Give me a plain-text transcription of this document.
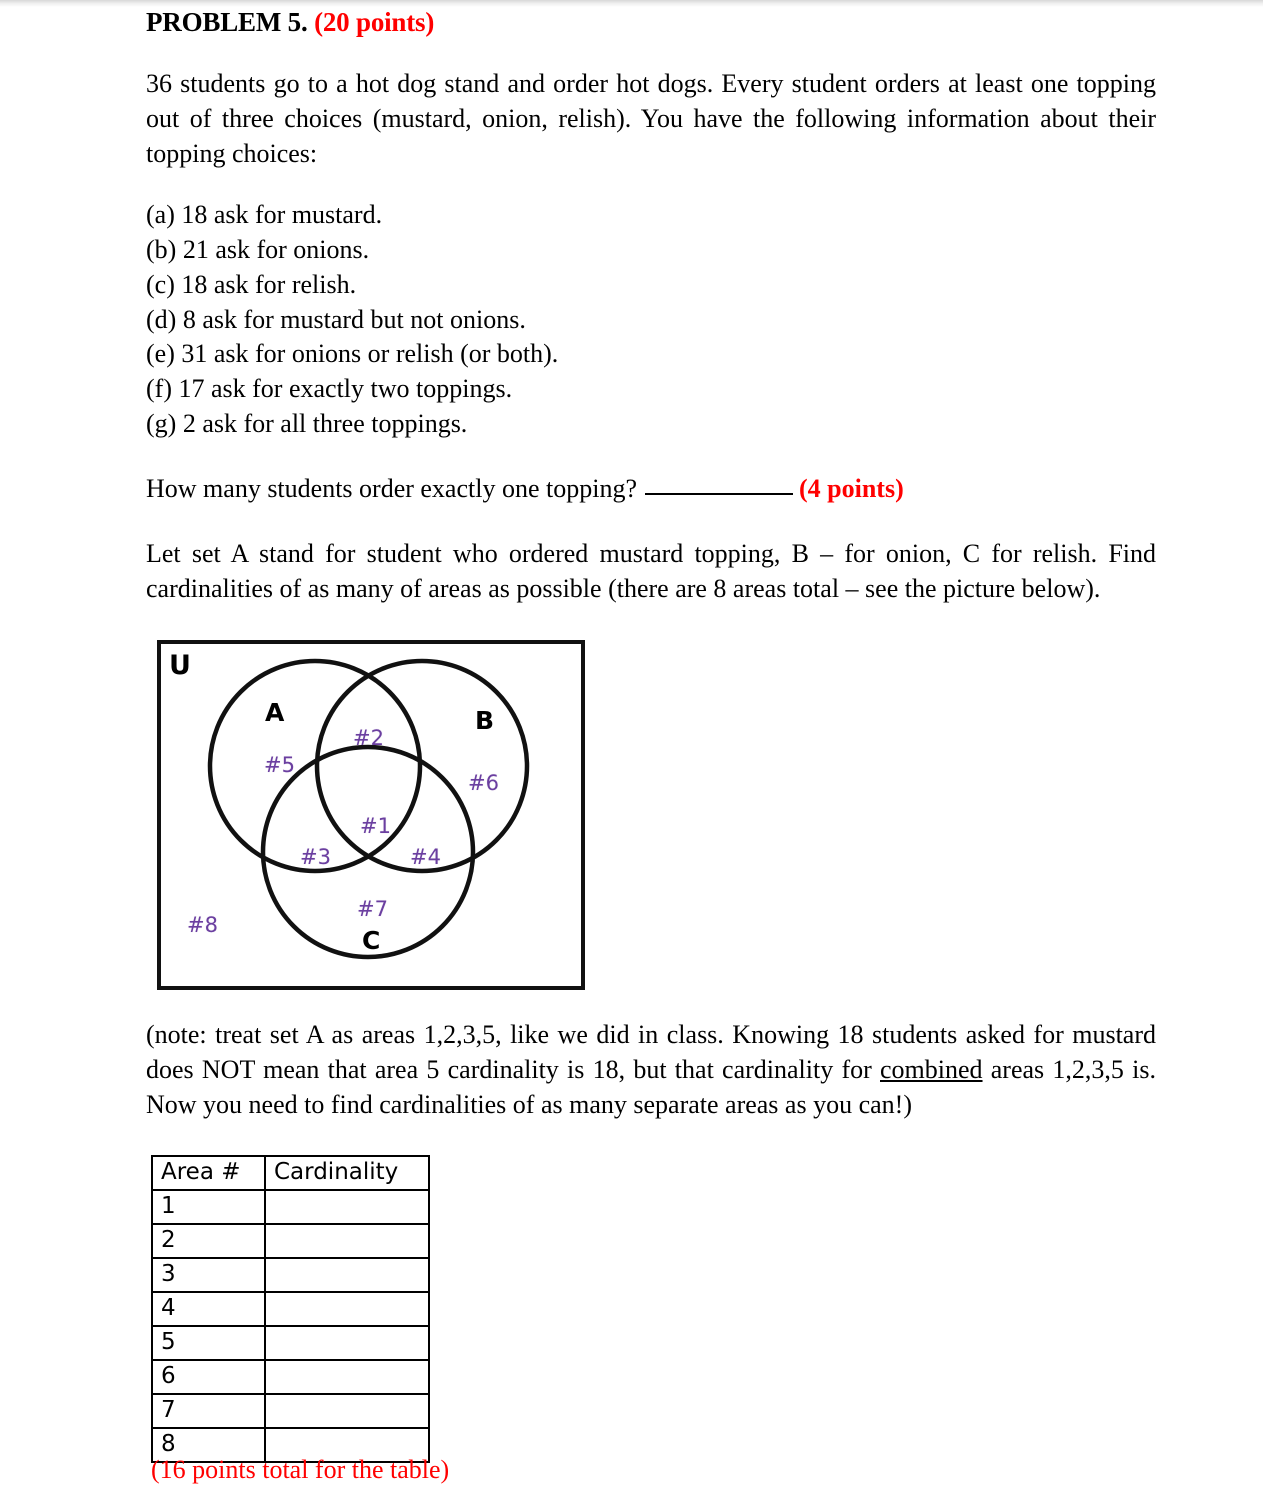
PROBLEM 5. (20 points)

36 students go to a hot dog stand and order hot dogs. Every student orders at least one topping out of three choices (mustard, onion, relish). You have the following information about their topping choices:

(a) 18 ask for mustard.
(b) 21 ask for onions.
(c) 18 ask for relish.
(d) 8 ask for mustard but not onions.
(e) 31 ask for onions or relish (or both).
(f) 17 ask for exactly two toppings.
(g) 2 ask for all three toppings.

How many students order exactly one topping?	(4 points)

Let set A stand for student who ordered mustard topping, B – for onion, C for relish. Find cardinalities of as many of areas as possible (there are 8 areas total – see the picture below).

U
A	B
C
#1
#2
#3	#4
#5
#6
#7
#8

(note: treat set A as areas 1,2,3,5, like we did in class. Knowing 18 students asked for mustard does NOT mean that area 5 cardinality is 18, but that cardinality for combined areas 1,2,3,5 is. Now you need to find cardinalities of as many separate areas as you can!)

Area #	Cardinality
1	
2	
3	
4	
5	
6	
7	
8	
(16 points total for the table)
